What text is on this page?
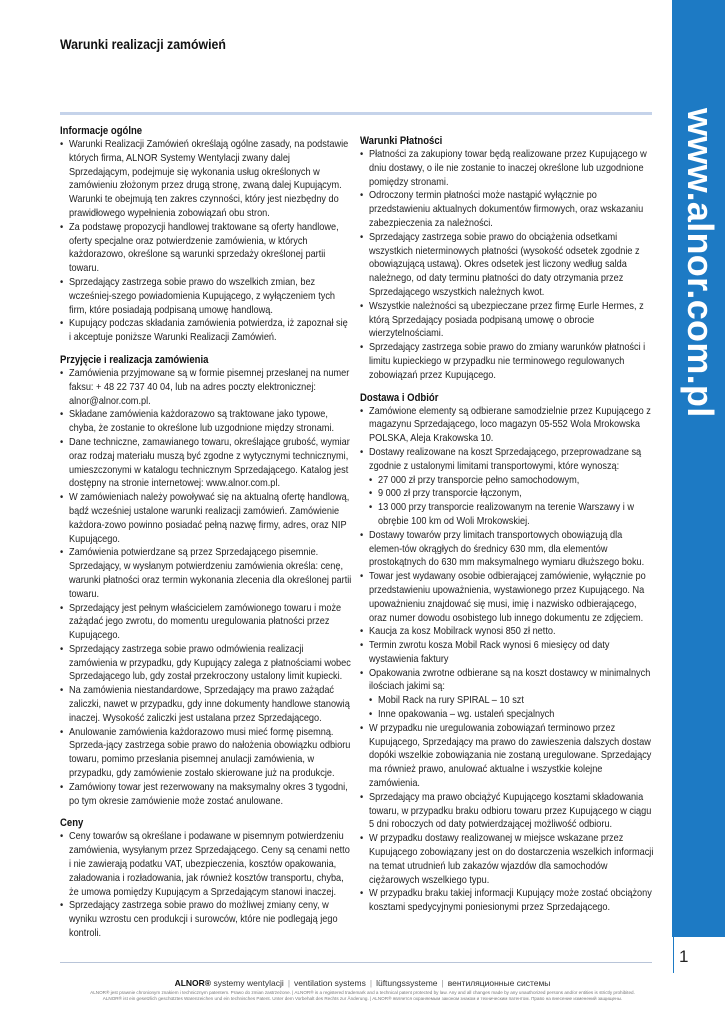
Warunki realizacji zamówień
www.alnor.com.pl
1
Informacje ogólne
• Warunki Realizacji Zamówień określają ogólne zasady, na podstawie których firma, ALNOR Systemy Wentylacji zwany dalej Sprzedającym, podejmuje się wykonania usług określonych w zamówieniu złożonym przez drugą stronę, zwaną dalej Kupującym. Warunki te obejmują ten zakres czynności, który jest niezbędny do prawidłowego wypełnienia zobowiązań obu stron.
• Za podstawę propozycji handlowej traktowane są oferty handlowe, oferty specjalne oraz potwierdzenie zamówienia, w których każdorazowo, określone są warunki sprzedaży określonej partii towaru.
• Sprzedający zastrzega sobie prawo do wszelkich zmian, bez wcześniej-szego powiadomienia Kupującego, z wyłączeniem tych firm, które posiadają podpisaną umowę handlową.
• Kupujący podczas składania zamówienia potwierdza, iż zapoznał się i akceptuje poniższe Warunki Realizacji Zamówień.
Przyjęcie i realizacja zamówienia
• Zamówienia przyjmowane są w formie pisemnej przesłanej na numer faksu: + 48 22 737 40 04, lub na adres poczty elektronicznej: alnor@alnor.com.pl.
• Składane zamówienia każdorazowo są traktowane jako typowe, chyba, że zostanie to określone lub uzgodnione między stronami.
• Dane techniczne, zamawianego towaru, określające grubość, wymiar oraz rodzaj materiału muszą być zgodne z wytycznymi technicznymi, umieszczonymi w katalogu technicznym Sprzedającego. Katalog jest dostępny na stronie internetowej: www.alnor.com.pl.
• W zamówieniach należy powoływać się na aktualną ofertę handlową, bądź wcześniej ustalone warunki realizacji zamówień. Zamówienie każdora-zowo powinno posiadać pełną nazwę firmy, adres, oraz NIP Kupującego.
• Zamówienia potwierdzane są przez Sprzedającego pisemnie. Sprzedający, w wysłanym potwierdzeniu zamówienia określa: cenę, warunki płatności oraz termin wykonania zlecenia dla określonej partii towaru.
• Sprzedający jest pełnym właścicielem zamówionego towaru i może zażądać jego zwrotu, do momentu uregulowania płatności przez Kupującego.
• Sprzedający zastrzega sobie prawo odmówienia realizacji zamówienia w przypadku, gdy Kupujący zalega z płatnościami wobec Sprzedającego lub, gdy został przekroczony ustalony limit kupiecki.
• Na zamówienia niestandardowe, Sprzedający ma prawo zażądać zaliczki, nawet w przypadku, gdy inne dokumenty handlowe stanowią inaczej. Wysokość zaliczki jest ustalana przez Sprzedającego.
• Anulowanie zamówienia każdorazowo musi mieć formę pisemną. Sprzeda-jący zastrzega sobie prawo do nałożenia obowiązku odbioru towaru, pomimo przesłania pisemnej anulacji zamówienia, w przypadku, gdy zamówienie zostało skierowane już na produkcje.
• Zamówiony towar jest rezerwowany na maksymalny okres 3 tygodni, po tym okresie zamówienie może zostać anulowane.
Ceny
• Ceny towarów są określane i podawane w pisemnym potwierdzeniu zamówienia, wysyłanym przez Sprzedającego. Ceny są cenami netto i nie zawierają podatku VAT, ubezpieczenia, kosztów opakowania, załadowania i rozładowania, jak również kosztów transportu, chyba, że umowa pomiędzy Kupującym a Sprzedającym stanowi inaczej.
• Sprzedający zastrzega sobie prawo do możliwej zmiany ceny, w wyniku wzrostu cen produkcji i surowców, które nie podlegają jego kontroli.
Warunki Płatności
• Płatności za zakupiony towar będą realizowane przez Kupującego w dniu dostawy, o ile nie zostanie to inaczej określone lub uzgodnione pomiędzy stronami.
• Odroczony termin płatności może nastąpić wyłącznie po przedstawieniu aktualnych dokumentów firmowych, oraz wskazaniu zabezpieczenia za należności.
• Sprzedający zastrzega sobie prawo do obciążenia odsetkami wszystkich nieterminowych płatności (wysokość odsetek zgodnie z obowiązującą ustawą). Okres odsetek jest liczony według salda należnego, od daty terminu płatności do daty otrzymania przez Sprzedającego wszystkich należnych kwot.
• Wszystkie należności są ubezpieczane przez firmę Eurle Hermes, z którą Sprzedający posiada podpisaną umowę o obrocie wierzytelnościami.
• Sprzedający zastrzega sobie prawo do zmiany warunków płatności i limitu kupieckiego w przypadku nie terminowego regulowanych zobowiązań przez Kupującego.
Dostawa i Odbiór
• Zamówione elementy są odbierane samodzielnie przez Kupującego z magazynu Sprzedającego, loco magazyn 05-552 Wola Mrokowska POLSKA, Aleja Krakowska 10.
• Dostawy realizowane na koszt Sprzedającego, przeprowadzane są zgodnie z ustalonymi limitami transportowymi, które wynoszą:
• 27 000 zł przy transporcie pełno samochodowym,
• 9 000 zł przy transporcie łączonym,
• 13 000 przy transporcie realizowanym na terenie Warszawy i w obrębie 100 km od Woli Mrokowskiej.
• Dostawy towarów przy limitach transportowych obowiązują dla elemen-tów okrągłych do średnicy 630 mm, dla elementów prostokątnych do 630 mm maksymalnego wymiaru dłuższego boku.
• Towar jest wydawany osobie odbierającej zamówienie, wyłącznie po przedstawieniu upoważnienia, wystawionego przez Kupującego. Na upoważnieniu znajdować się musi, imię i nazwisko odbierającego, oraz numer dowodu osobistego lub innego dokumentu ze zdjęciem.
• Kaucja za kosz Mobilrack wynosi 850 zł netto.
• Termin zwrotu kosza Mobil Rack wynosi 6 miesięcy od daty wystawienia faktury
• Opakowania zwrotne odbierane są na koszt dostawcy w minimalnych ilościach jakimi są:
• Mobil Rack na rury SPIRAL – 10 szt
• Inne opakowania – wg. ustaleń specjalnych
• W przypadku nie uregulowania zobowiązań terminowo przez Kupującego, Sprzedający ma prawo do zawieszenia dalszych dostaw dopóki wszelkie zobowiązania nie zostaną uregulowane. Sprzedający ma również prawo, anulować aktualne i wszystkie kolejne zamówienia.
• Sprzedający ma prawo obciążyć Kupującego kosztami składowania towaru, w przypadku braku odbioru towaru przez Kupującego w ciągu 5 dni roboczych od daty potwierdzającej możliwość odbioru.
• W przypadku dostawy realizowanej w miejsce wskazane przez Kupującego zobowiązany jest on do dostarczenia wszelkich informacji na temat utrudnień lub zakazów wjazdów dla samochodów ciężarowych wszelkiego typu.
• W przypadku braku takiej informacji Kupujący może zostać obciążony kosztami spedycyjnymi poniesionymi przez Sprzedającego.
ALNOR® systemy wentylacji | ventilation systems | lüftungssysteme | вентиляционные системы
ALNOR® jest prawnie chronionym znakiem i technicznym patentem. Prawo do zmian zastrzeżone. | ALNOR® is a registered trademark and a technical patent protected by law. Any and all changes made by any unauthorized persons and/or entities is strictly prohibited.
ALNOR® ist ein gesetzlich geschütztes Warenzeichen und ein technisches Patent. Unter dem Vorbehalt des Rechts zur Änderung. | ALNOR® является охраняемым законом знаком и техническим патентом. Право на внесение изменений защищены.
